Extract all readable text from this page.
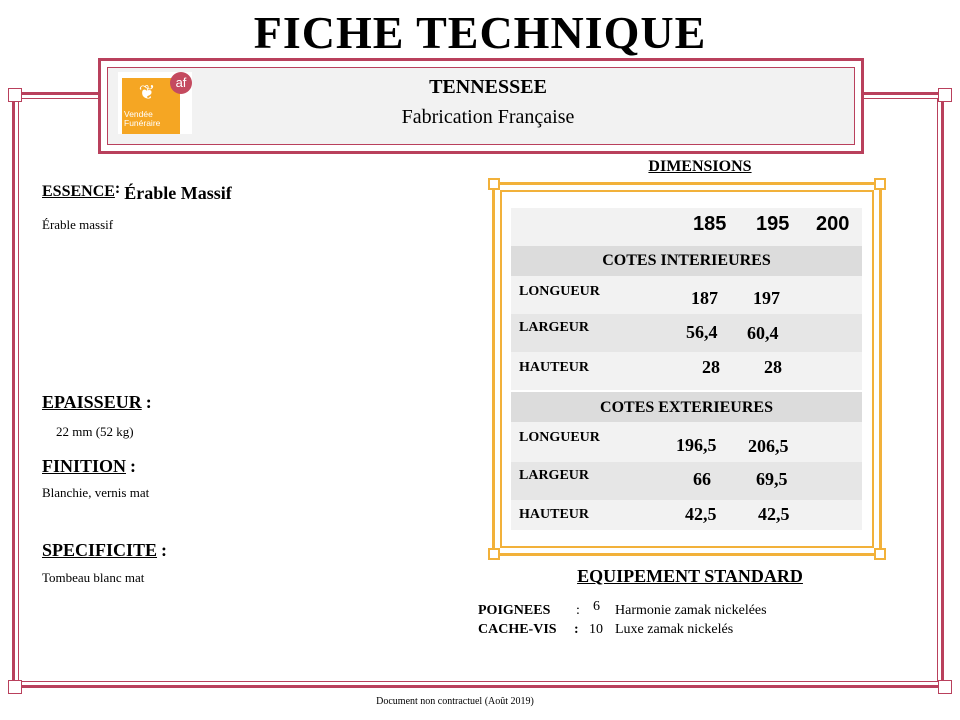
FICHE TECHNIQUE
❦
Vendée
Funéraire
af	TENNESSEE
Fabrication Française
ESSENCE: Érable Massif
Érable massif
EPAISSEUR :
22 mm (52 kg)
FINITION :
Blanchie, vernis mat
SPECIFICITE :
Tombeau blanc mat
DIMENSIONS
185 195 200
COTES INTERIEURES
LONGUEUR	187 197
LARGEUR	56,4 60,4
HAUTEUR	28 28
COTES EXTERIEURES
LONGUEUR	196,5 206,5
LARGEUR	66	69,5
HAUTEUR	42,5 42,5
EQUIPEMENT STANDARD
POIGNEES : 6 Harmonie zamak nickelées
CACHE-VIS : 10 Luxe zamak nickelés
Document non contractuel (Août 2019)
